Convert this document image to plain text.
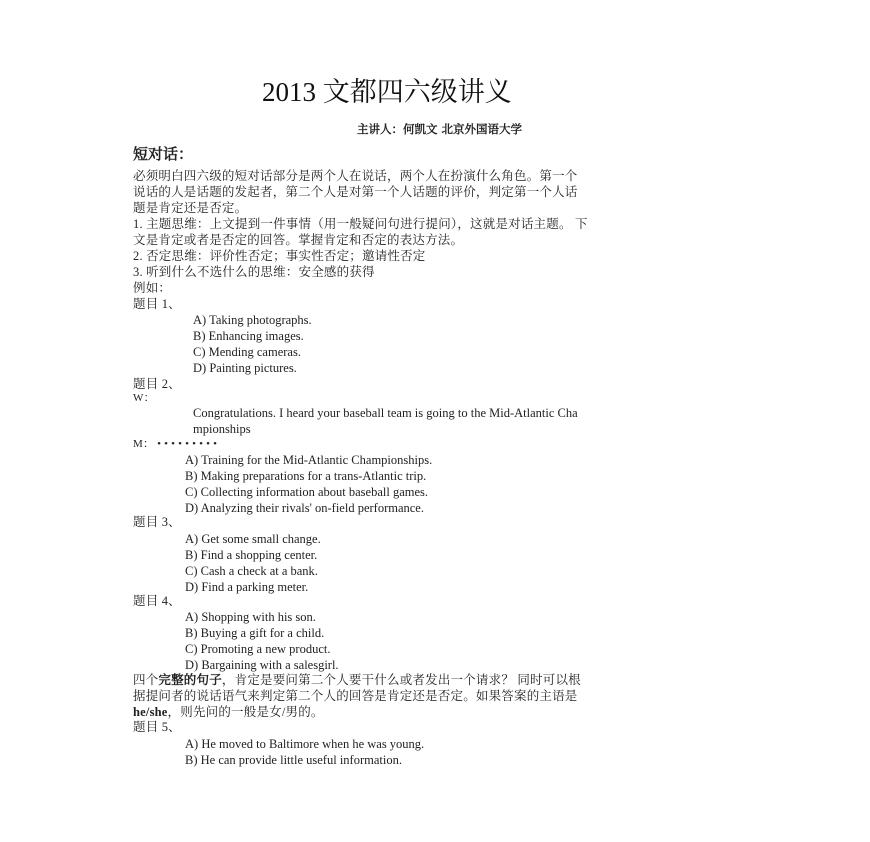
2013 文都四六级讲义
主讲人：何凯文 北京外国语大学
短对话：
必须明白四六级的短对话部分是两个人在说话，两个人在扮演什么角色。第一个
说话的人是话题的发起者，第二个人是对第一个人话题的评价，判定第一个人话
题是肯定还是否定。
1. 主题思维：上文提到一件事情（用一般疑问句进行提问），这就是对话主题。 下
文是肯定或者是否定的回答。掌握肯定和否定的表达方法。
2. 否定思维：评价性否定；事实性否定；邀请性否定
3. 听到什么不选什么的思维：安全感的获得
例如：
题目 1、
A) Taking photographs.
B) Enhancing images.
C) Mending cameras.
D) Painting pictures.
题目 2、
W：
Congratulations. I heard your baseball team is going to the Mid-Atlantic Cha
mpionships
M： • • • • • • • • •
A) Training for the Mid-Atlantic Championships.
B) Making preparations for a trans-Atlantic trip.
C) Collecting information about baseball games.
D) Analyzing their rivals' on-field performance.
题目 3、
A) Get some small change.
B) Find a shopping center.
C) Cash a check at a bank.
D) Find a parking meter.
题目 4、
A) Shopping with his son.
B) Buying a gift for a child.
C) Promoting a new product.
D) Bargaining with a salesgirl.
四个完整的句子，肯定是要问第二个人要干什么或者发出一个请求？ 同时可以根
据提问者的说话语气来判定第二个人的回答是肯定还是否定。如果答案的主语是
he/she，则先问的一般是女/男的。
题目 5、
A) He moved to Baltimore when he was young.
B) He can provide little useful information.
